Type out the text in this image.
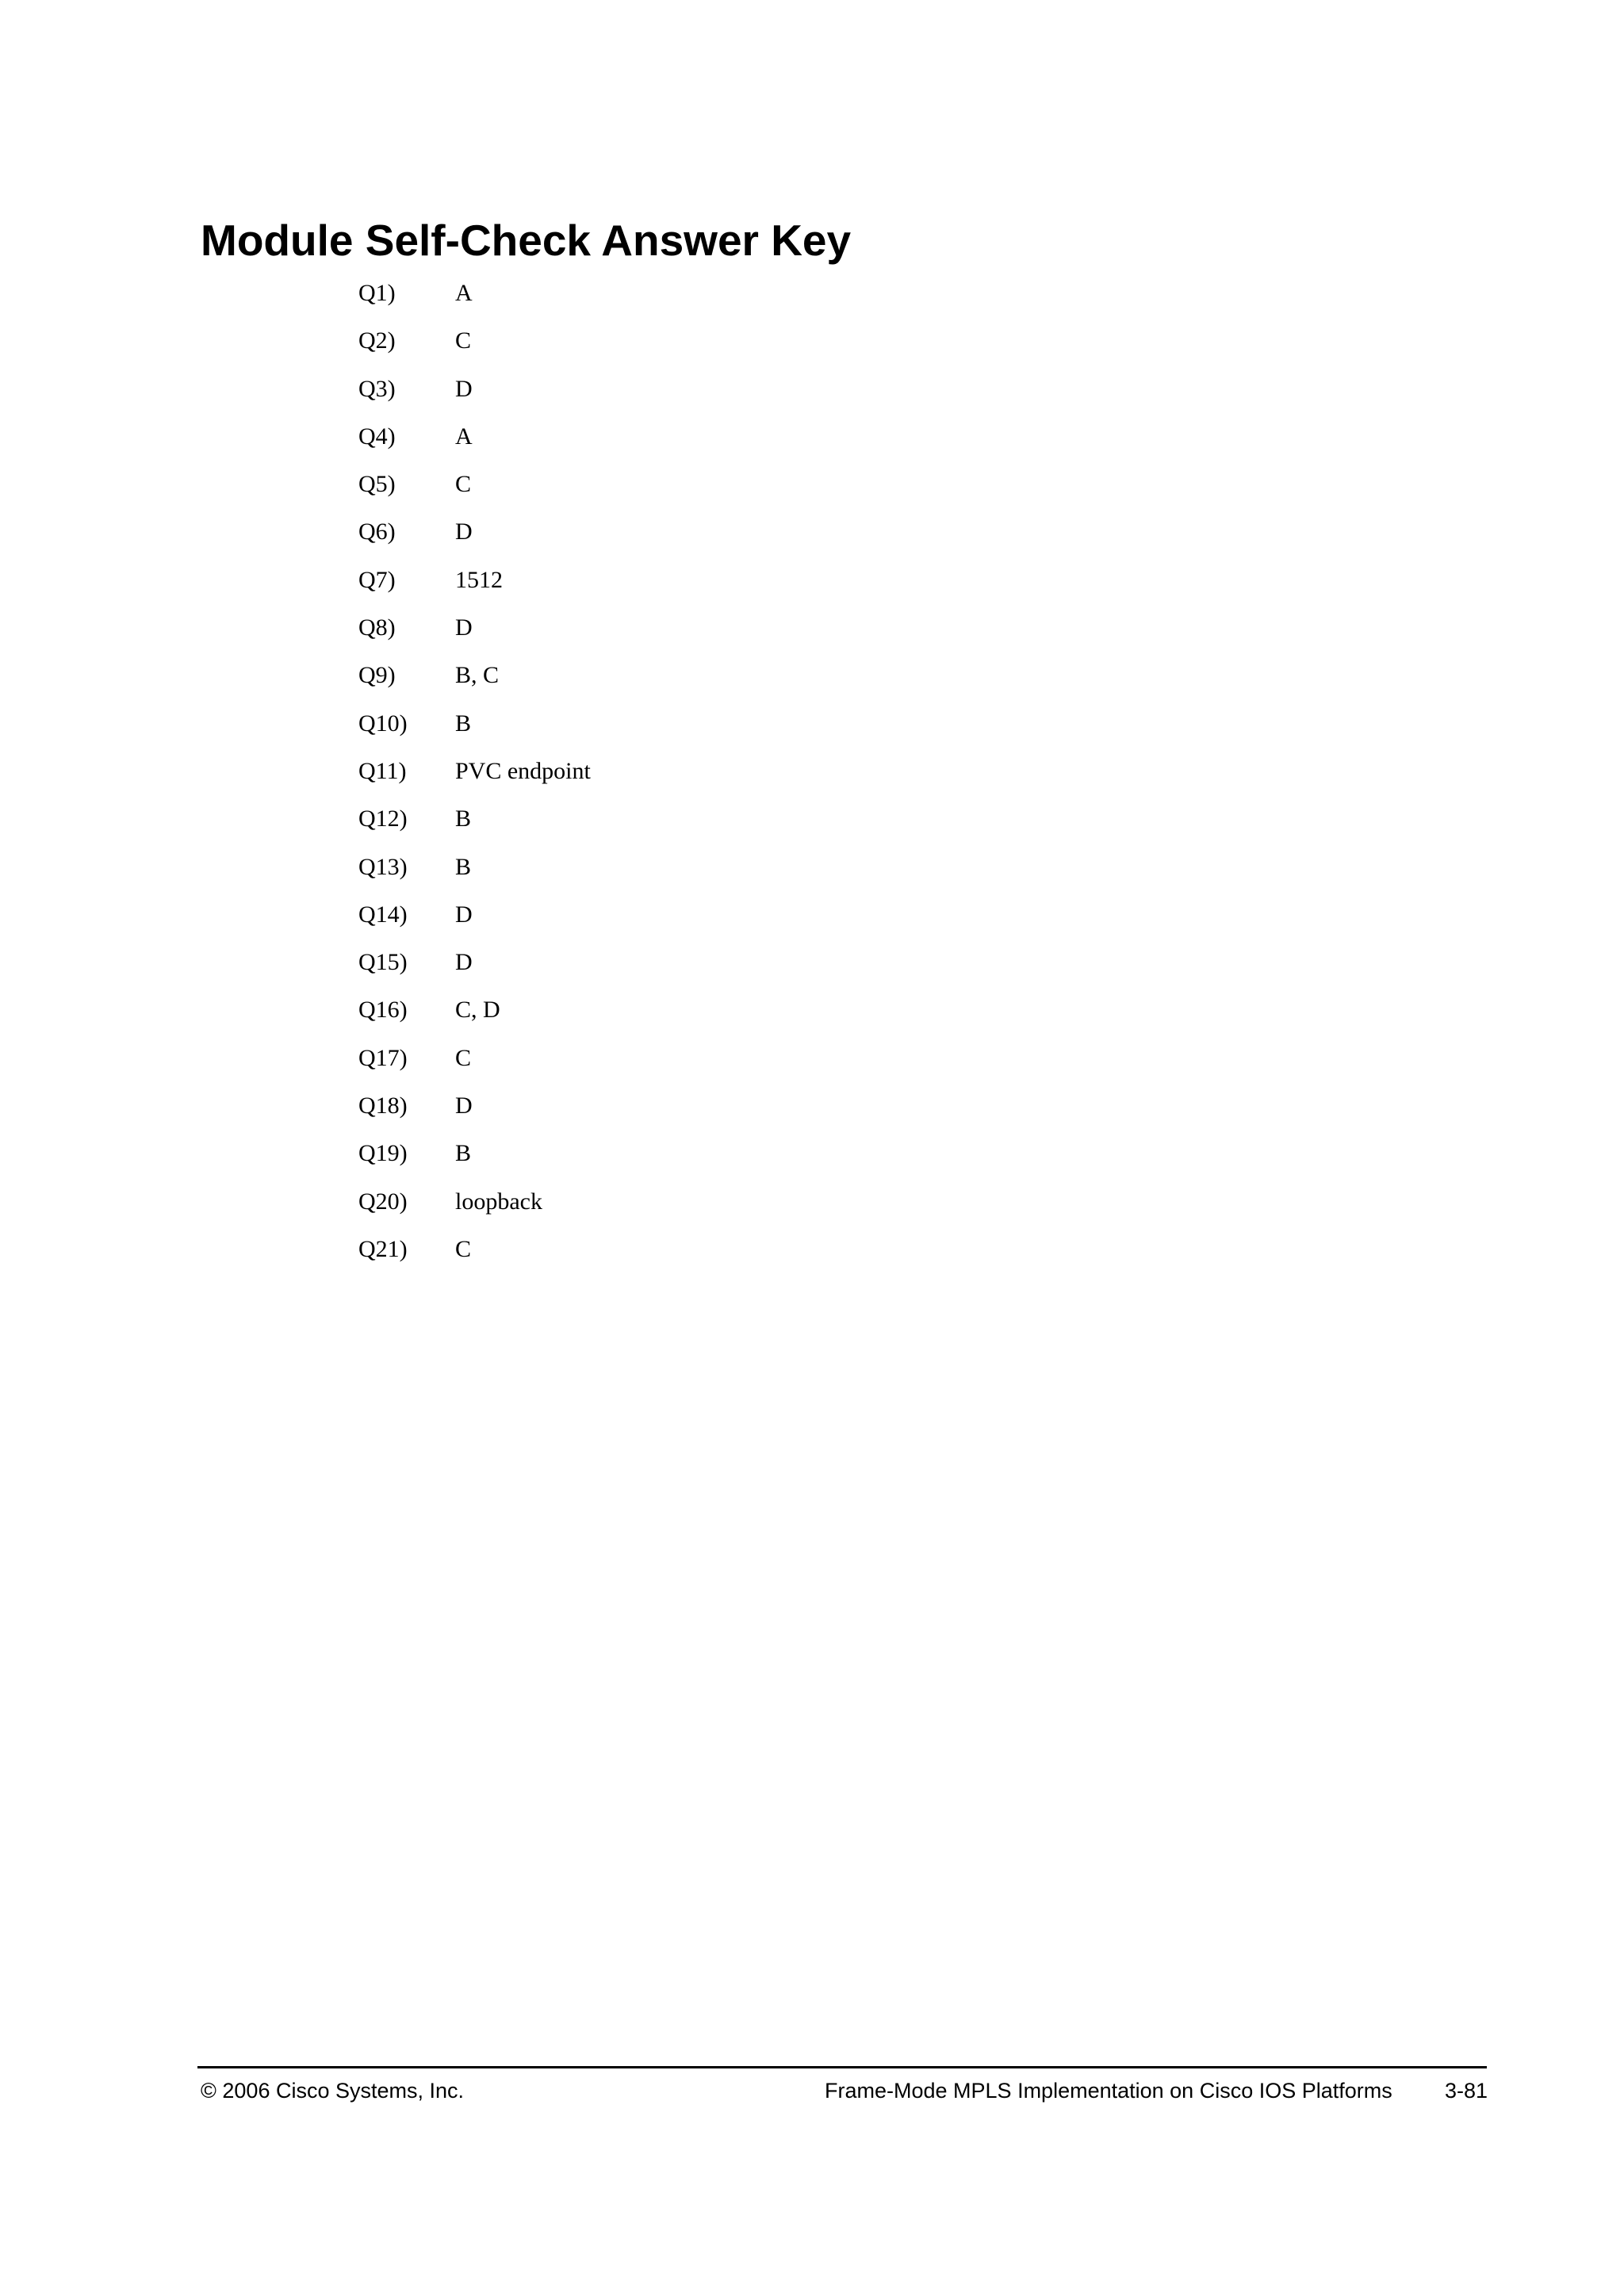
Module Self-Check Answer Key
Q1)	A
Q2)	C
Q3)	D
Q4)	A
Q5)	C
Q6)	D
Q7)	1512
Q8)	D
Q9)	B, C
Q10)	B
Q11)	PVC endpoint
Q12)	B
Q13)	B
Q14)	D
Q15)	D
Q16)	C, D
Q17)	C
Q18)	D
Q19)	B
Q20)	loopback
Q21)	C
© 2006 Cisco Systems, Inc.	Frame-Mode MPLS Implementation on Cisco IOS Platforms 3-81
